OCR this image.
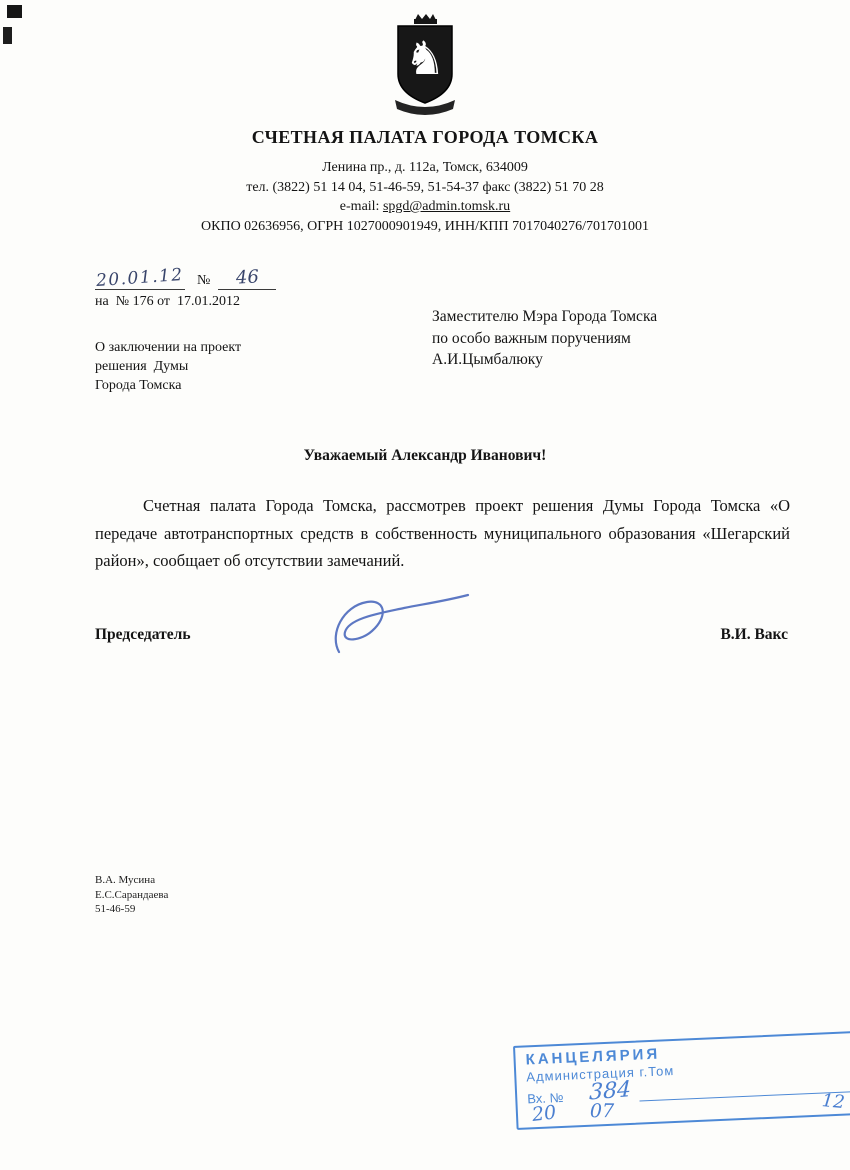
♞
СЧЕТНАЯ ПАЛАТА ГОРОДА ТОМСКА
Ленина пр., д. 112а, Томск, 634009
тел. (3822) 51 14 04, 51-46-59, 51-54-37 факс (3822) 51 70 28
e-mail: spgd@admin.tomsk.ru
ОКПО 02636956, ОГРН 1027000901949, ИНН/КПП 7017040276/701701001
20.01.12 №	46
на  № 176 от  17.01.2012
О заключении на проект
решения  Думы
Города Томска
Заместителю Мэра Города Томска
по особо важным поручениям
А.И.Цымбалюку
Уважаемый Александр Иванович!
Счетная палата Города Томска, рассмотрев проект решения Думы Города Томска «О передаче автотранспортных средств в собственность муниципального образования «Шегарский район», сообщает об отсутствии замечаний.
Председатель	В.И. Вакс
В.А. Мусина
Е.С.Сарандаева
51-46-59
КАНЦЕЛЯРИЯ
Администрация г.Том
Вх. № 384
20 07	12
